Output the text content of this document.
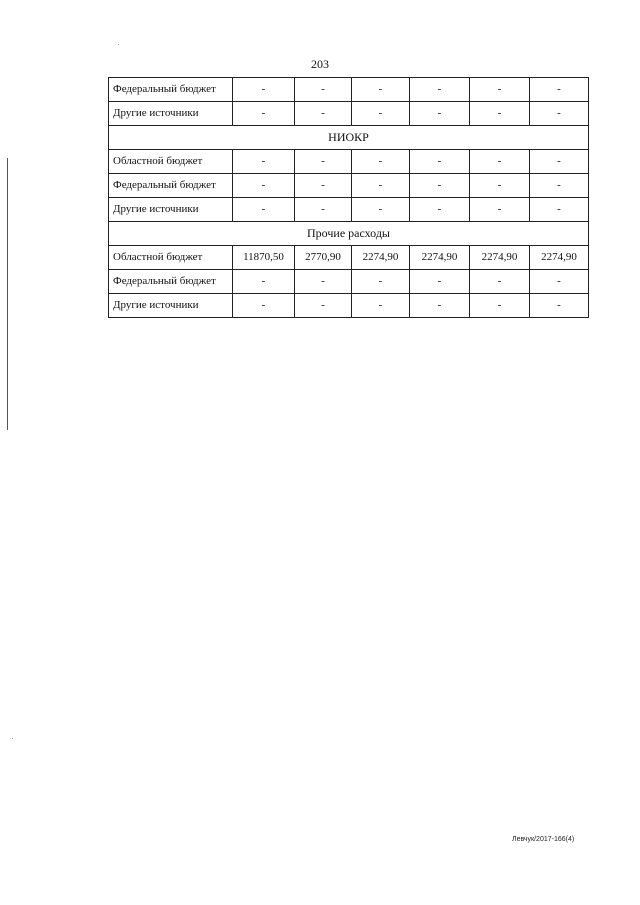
203
Федеральный бюджет	-	-	-	-	-	-
Другие источники	-	-	-	-	-	-
НИОКР						
Областной бюджет	-	-	-	-	-	-
Федеральный бюджет	-	-	-	-	-	-
Другие источники	-	-	-	-	-	-
Прочие расходы						
Областной бюджет	11870,50	2770,90	2274,90	2274,90	2274,90	2274,90
Федеральный бюджет	-	-	-	-	-	-
Другие источники	-	-	-	-	-	-
Левчук/2017-166(4)
